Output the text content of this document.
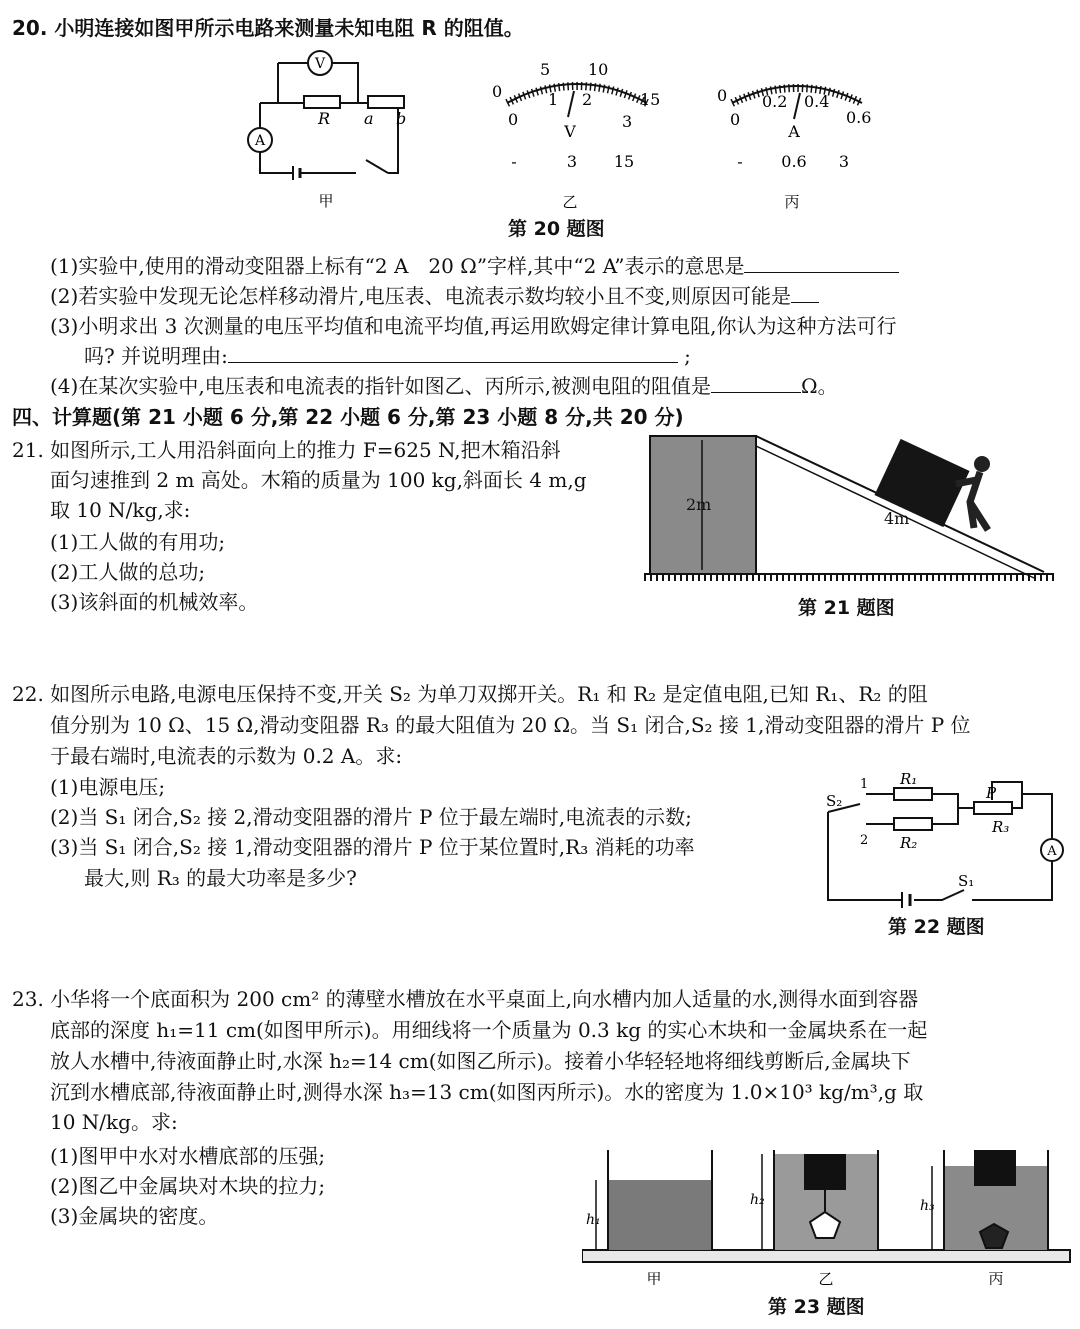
20. 小明连接如图甲所示电路来测量未知电阻 R 的阻值。
V
A
R a b
甲
0
5 10
15
0
1 2
3
V
-	3 15
乙
0
0
0.2 0.4
0.6
A
- 0.6 3
丙
第 20 题图
(1)实验中,使用的滑动变阻器上标有“2 A　20 Ω”字样,其中“2 A”表示的意思是
(2)若实验中发现无论怎样移动滑片,电压表、电流表示数均较小且不变,则原因可能是
(3)小明求出 3 次测量的电压平均值和电流平均值,再运用欧姆定律计算电阻,你认为这种方法可行
吗? 并说明理由:	;
(4)在某次实验中,电压表和电流表的指针如图乙、丙所示,被测电阻的阻值是	Ω。
四、计算题(第 21 小题 6 分,第 22 小题 6 分,第 23 小题 8 分,共 20 分)
21. 如图所示,工人用沿斜面向上的推力 F=625 N,把木箱沿斜
面匀速推到 2 m 高处。木箱的质量为 100 kg,斜面长 4 m,g
取 10 N/kg,求:
(1)工人做的有用功;
(2)工人做的总功;
(3)该斜面的机械效率。
2m
4m
第 21 题图
22. 如图所示电路,电源电压保持不变,开关 S₂ 为单刀双掷开关。R₁ 和 R₂ 是定值电阻,已知 R₁、R₂ 的阻
值分别为 10 Ω、15 Ω,滑动变阻器 R₃ 的最大阻值为 20 Ω。当 S₁ 闭合,S₂ 接 1,滑动变阻器的滑片 P 位
于最右端时,电流表的示数为 0.2 A。求:
(1)电源电压;
(2)当 S₁ 闭合,S₂ 接 2,滑动变阻器的滑片 P 位于最左端时,电流表的示数;
(3)当 S₁ 闭合,S₂ 接 1,滑动变阻器的滑片 P 位于某位置时,R₃ 消耗的功率
最大,则 R₃ 的最大功率是多少?
A
S₂
1
2
R₁
R₂
R₃
P
S₁
第 22 题图
23. 小华将一个底面积为 200 cm² 的薄壁水槽放在水平桌面上,向水槽内加人适量的水,测得水面到容器
底部的深度 h₁=11 cm(如图甲所示)。用细线将一个质量为 0.3 kg 的实心木块和一金属块系在一起
放人水槽中,待液面静止时,水深 h₂=14 cm(如图乙所示)。接着小华轻轻地将细线剪断后,金属块下
沉到水槽底部,待液面静止时,测得水深 h₃=13 cm(如图丙所示)。水的密度为 1.0×10³ kg/m³,g 取
10 N/kg。求:
(1)图甲中水对水槽底部的压强;
(2)图乙中金属块对木块的拉力;
(3)金属块的密度。	h₁
甲
h₂
乙
h₃
丙
第 23 题图
